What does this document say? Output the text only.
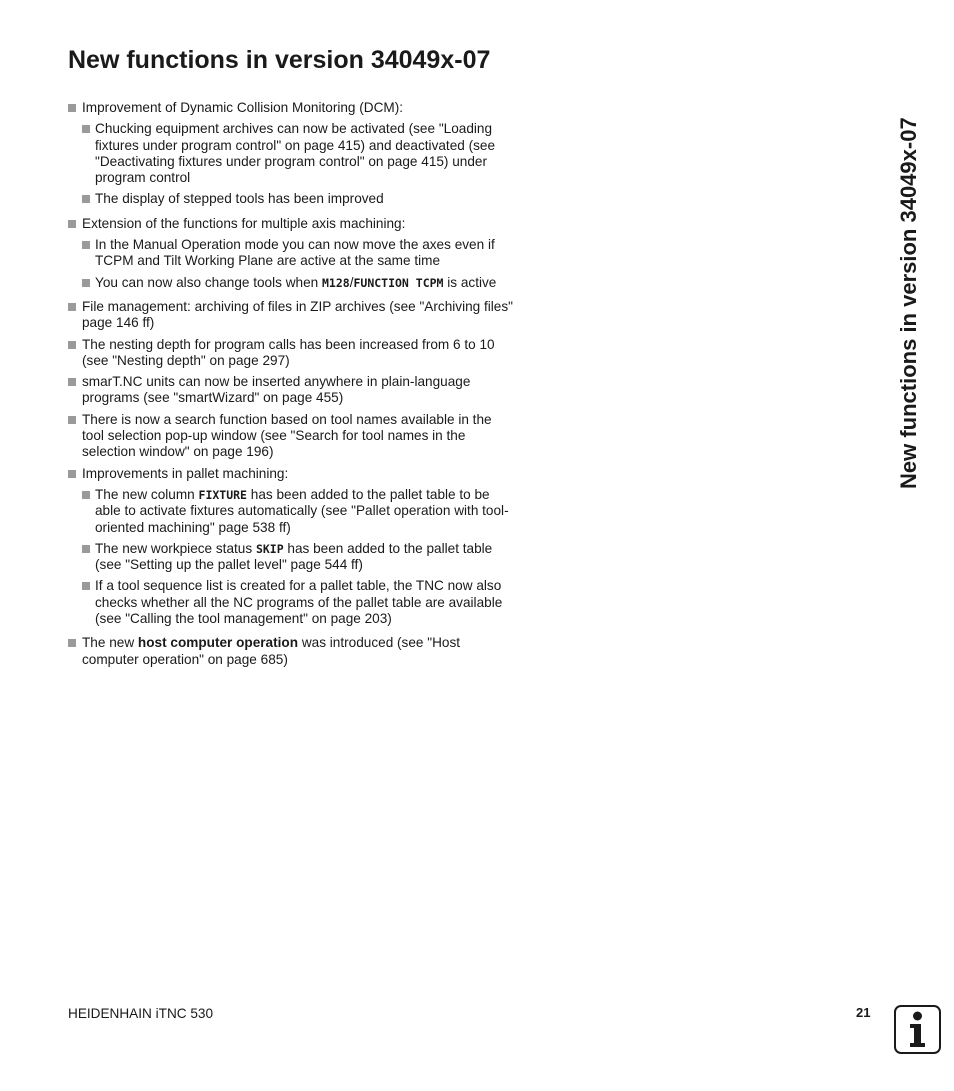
New functions in version 34049x-07
New functions in version 34049x-07
Improvement of Dynamic Collision Monitoring (DCM):
Chucking equipment archives can now be activated (see "Loading fixtures under program control" on page 415) and deactivated (see "Deactivating fixtures under program control" on page 415) under program control
The display of stepped tools has been improved
Extension of the functions for multiple axis machining:
In the Manual Operation mode you can now move the axes even if TCPM and Tilt Working Plane are active at the same time
You can now also change tools when M128/FUNCTION TCPM is active
File management: archiving of files in ZIP archives (see "Archiving files" page 146 ff)
The nesting depth for program calls has been increased from 6 to 10 (see "Nesting depth" on page 297)
smarT.NC units can now be inserted anywhere in plain-language programs (see "smartWizard" on page 455)
There is now a search function based on tool names available in the tool selection pop-up window (see "Search for tool names in the selection window" on page 196)
Improvements in pallet machining:
The new column FIXTURE has been added to the pallet table to be able to activate fixtures automatically (see "Pallet operation with tool-oriented machining" page 538 ff)
The new workpiece status SKIP has been added to the pallet table (see "Setting up the pallet level" page 544 ff)
If a tool sequence list is created for a pallet table, the TNC now also checks whether all the NC programs of the pallet table are available (see "Calling the tool management" on page 203)
The new host computer operation was introduced (see "Host computer operation" on page 685)
HEIDENHAIN iTNC 530	21
